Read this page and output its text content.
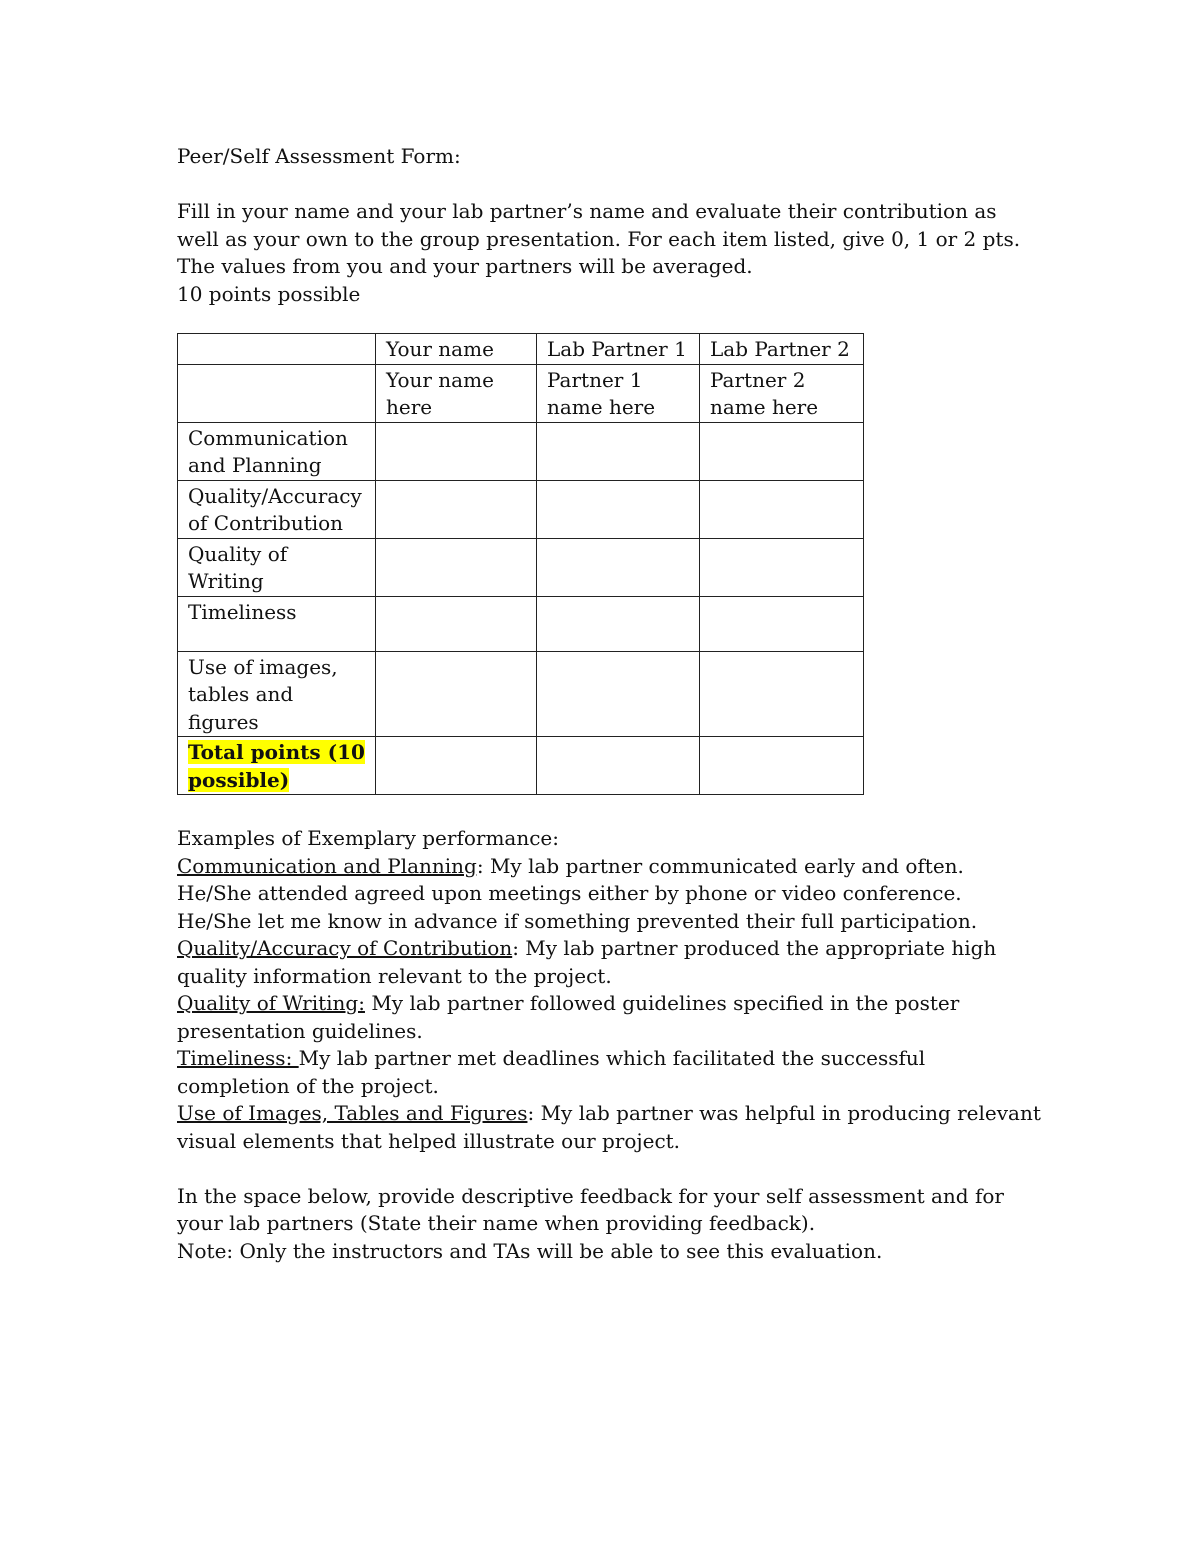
Peer/Self Assessment Form:
Fill in your name and your lab partner’s name and evaluate their contribution as
well as your own to the group presentation. For each item listed, give 0, 1 or 2 pts.
The values from you and your partners will be averaged.
10 points possible
	Your name	Lab Partner 1	Lab Partner 2
	Your name here	Partner 1 name here	Partner 2 name here
Communication and Planning			
Quality/Accuracy of Contribution			
Quality of Writing			
Timeliness			
Use of images, tables and figures			
Total points (10 possible)			
Examples of Exemplary performance:
Communication and Planning: My lab partner communicated early and often.
He/She attended agreed upon meetings either by phone or video conference.
He/She let me know in advance if something prevented their full participation.
Quality/Accuracy of Contribution: My lab partner produced the appropriate high
quality information relevant to the project.
Quality of Writing: My lab partner followed guidelines specified in the poster
presentation guidelines.
Timeliness: My lab partner met deadlines which facilitated the successful
completion of the project.
Use of Images, Tables and Figures: My lab partner was helpful in producing relevant
visual elements that helped illustrate our project.
In the space below, provide descriptive feedback for your self assessment and for
your lab partners (State their name when providing feedback).
Note: Only the instructors and TAs will be able to see this evaluation.
